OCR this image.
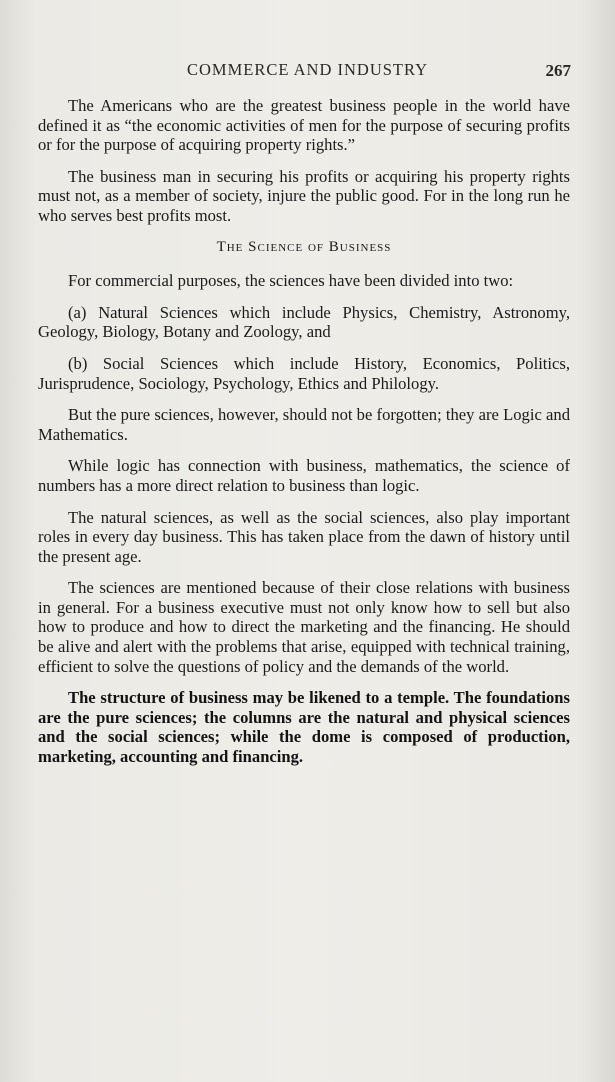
COMMERCE AND INDUSTRY	267

The Americans who are the greatest business people in the world have defined it as “the economic activities of men for the purpose of securing profits or for the purpose of acquiring property rights.”

The business man in securing his profits or acquiring his property rights must not, as a member of society, injure the public good. For in the long run he who serves best profits most.

The Science of Business

For commercial purposes, the sciences have been divided into two:

(a) Natural Sciences which include Physics, Chemistry, Astronomy, Geology, Biology, Botany and Zoology, and

(b) Social Sciences which include History, Economics, Politics, Jurisprudence, Sociology, Psychology, Ethics and Philology.

But the pure sciences, however, should not be forgotten; they are Logic and Mathematics.

While logic has connection with business, mathematics, the science of numbers has a more direct relation to business than logic.

The natural sciences, as well as the social sciences, also play important roles in every day business. This has taken place from the dawn of history until the present age.

The sciences are mentioned because of their close relations with business in general. For a business executive must not only know how to sell but also how to produce and how to direct the marketing and the financing. He should be alive and alert with the problems that arise, equipped with technical training, efficient to solve the questions of policy and the demands of the world.

The structure of business may be likened to a temple. The foundations are the pure sciences; the columns are the natural and physical sciences and the social sciences; while the dome is composed of production, marketing, accounting and financing.
